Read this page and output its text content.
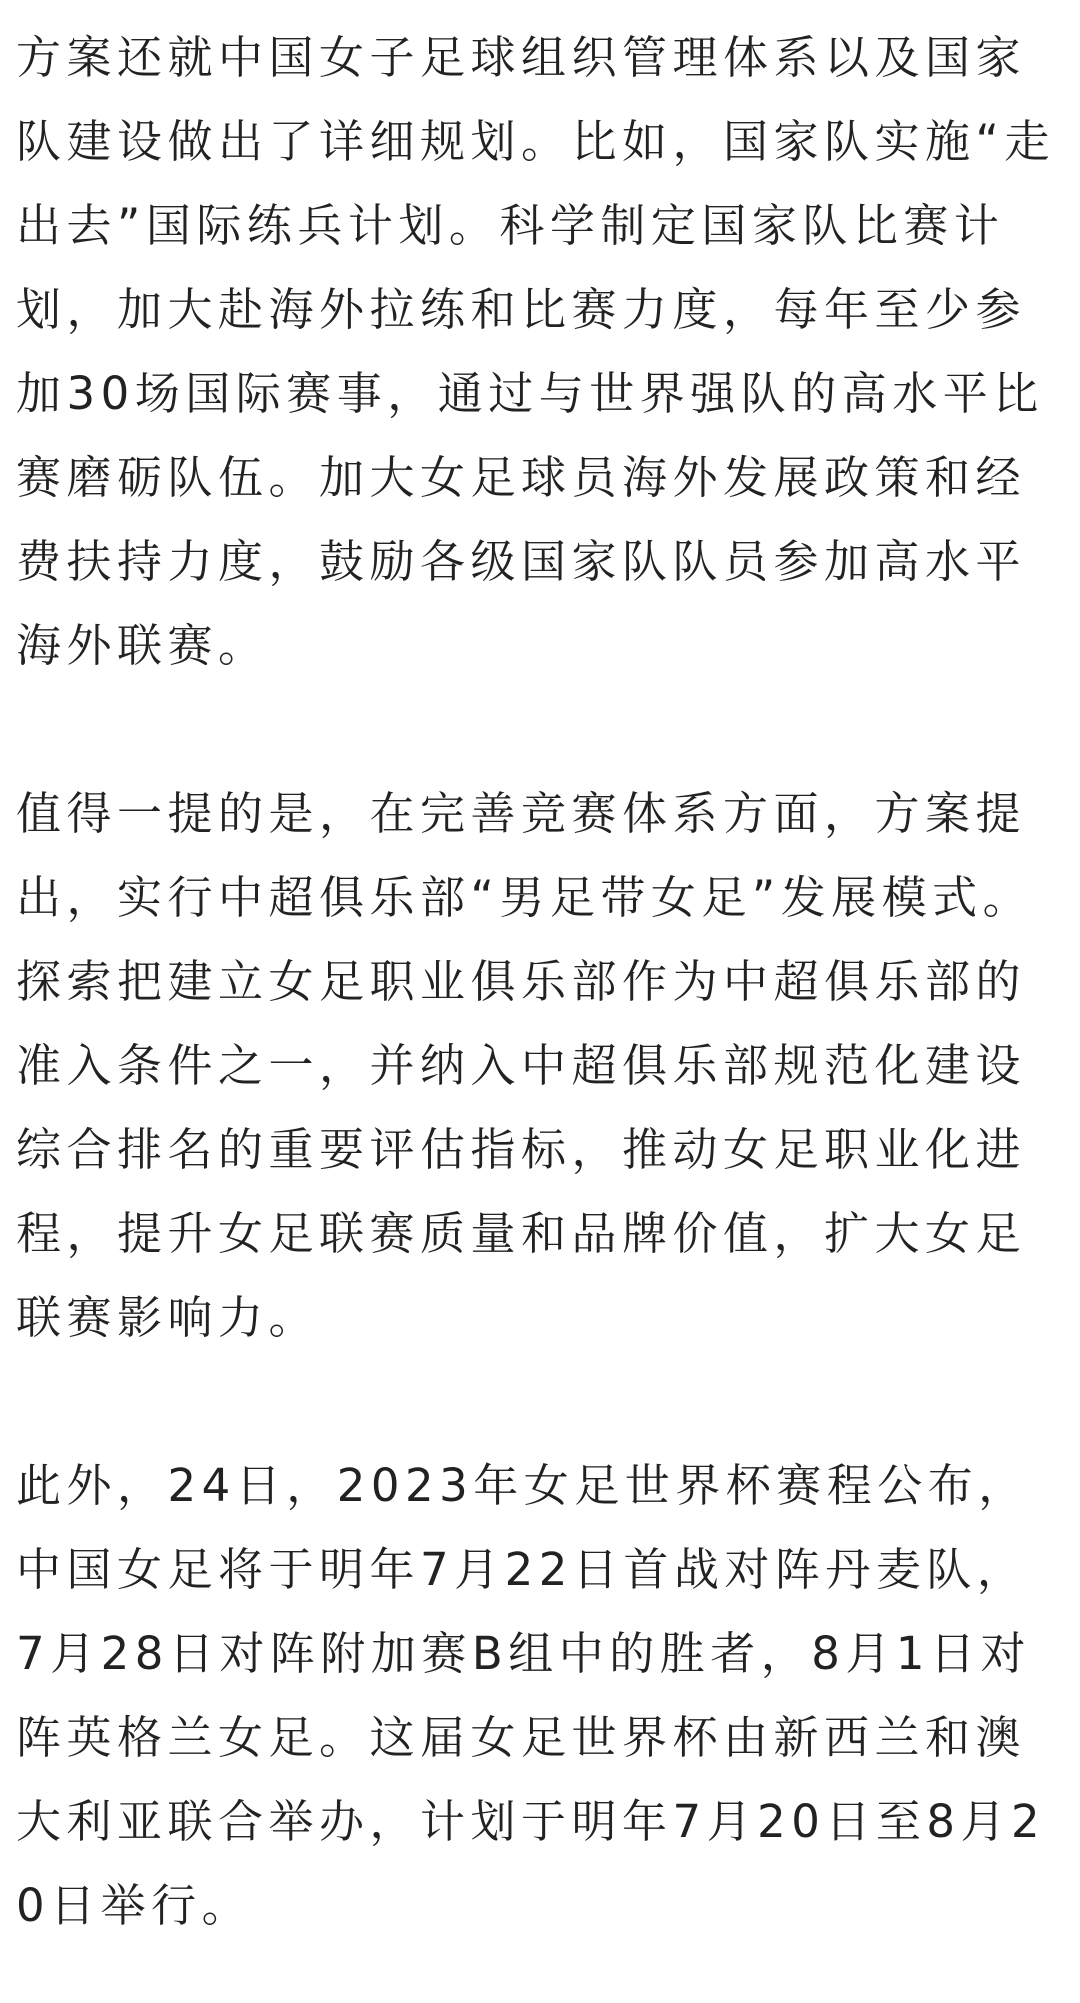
方案还就中国女子足球组织管理体系以及国家队建设做出了详细规划。比如，国家队实施“走出去”国际练兵计划。科学制定国家队比赛计划，加大赴海外拉练和比赛力度，每年至少参加30场国际赛事，通过与世界强队的高水平比赛磨砺队伍。加大女足球员海外发展政策和经费扶持力度，鼓励各级国家队队员参加高水平海外联赛。

值得一提的是，在完善竞赛体系方面，方案提出，实行中超俱乐部“男足带女足”发展模式。探索把建立女足职业俱乐部作为中超俱乐部的准入条件之一，并纳入中超俱乐部规范化建设综合排名的重要评估指标，推动女足职业化进程，提升女足联赛质量和品牌价值，扩大女足联赛影响力。

此外，24日，2023年女足世界杯赛程公布，中国女足将于明年7月22日首战对阵丹麦队，7月28日对阵附加赛B组中的胜者，8月1日对阵英格兰女足。这届女足世界杯由新西兰和澳大利亚联合举办，计划于明年7月20日至8月20日举行。
